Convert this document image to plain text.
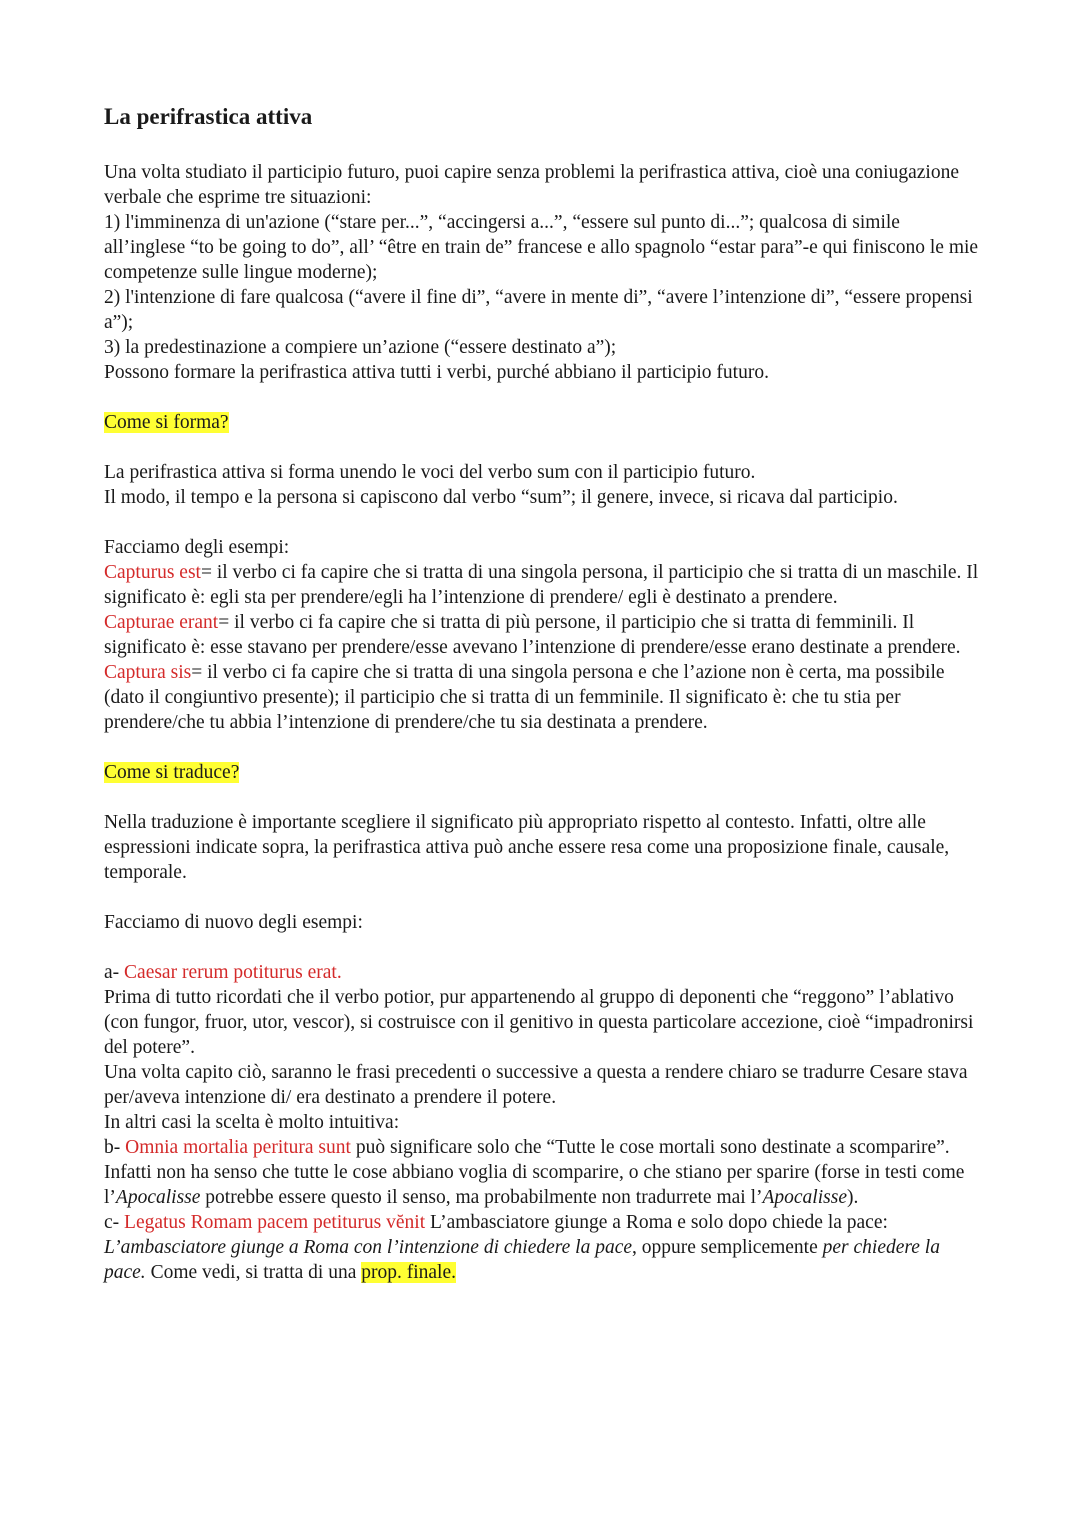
La perifrastica attiva

Una volta studiato il participio futuro, puoi capire senza problemi la perifrastica attiva, cioè una coniugazione verbale che esprime tre situazioni:

1) l'imminenza di un'azione (“stare per...”, “accingersi a...”, “essere sul punto di...”; qualcosa di simile all’inglese “to be going to do”, all’ “être en train de” francese e allo spagnolo “estar para”-e qui finiscono le mie competenze sulle lingue moderne);

2) l'intenzione di fare qualcosa (“avere il fine di”, “avere in mente di”, “avere l’intenzione di”, “essere propensi a”);

3) la predestinazione a compiere un’azione (“essere destinato a”);

Possono formare la perifrastica attiva tutti i verbi, purché abbiano il participio futuro.

Come si forma?

La perifrastica attiva si forma unendo le voci del verbo sum con il participio futuro.

Il modo, il tempo e la persona si capiscono dal verbo “sum”; il genere, invece, si ricava dal participio.

Facciamo degli esempi:

Capturus est= il verbo ci fa capire che si tratta di una singola persona, il participio che si tratta di un maschile. Il significato è: egli sta per prendere/egli ha l’intenzione di prendere/ egli è destinato a prendere.

Capturae erant= il verbo ci fa capire che si tratta di più persone, il participio che si tratta di femminili. Il significato è: esse stavano per prendere/esse avevano l’intenzione di prendere/esse erano destinate a prendere.

Captura sis= il verbo ci fa capire che si tratta di una singola persona e che l’azione non è certa, ma possibile (dato il congiuntivo presente); il participio che si tratta di un femminile. Il significato è: che tu stia per prendere/che tu abbia l’intenzione di prendere/che tu sia destinata a prendere.

Come si traduce?

Nella traduzione è importante scegliere il significato più appropriato rispetto al contesto. Infatti, oltre alle espressioni indicate sopra, la perifrastica attiva può anche essere resa come una proposizione finale, causale, temporale.

Facciamo di nuovo degli esempi:

a- Caesar rerum potiturus erat.

Prima di tutto ricordati che il verbo potior, pur appartenendo al gruppo di deponenti che “reggono” l’ablativo (con fungor, fruor, utor, vescor), si costruisce con il genitivo in questa particolare accezione, cioè “impadronirsi del potere”.

Una volta capito ciò, saranno le frasi precedenti o successive a questa a rendere chiaro se tradurre Cesare stava per/aveva intenzione di/ era destinato a prendere il potere.

In altri casi la scelta è molto intuitiva:

b- Omnia mortalia peritura sunt può significare solo che “Tutte le cose mortali sono destinate a scomparire”. Infatti non ha senso che tutte le cose abbiano voglia di scomparire, o che stiano per sparire (forse in testi come l’Apocalisse potrebbe essere questo il senso, ma probabilmente non tradurrete mai l’Apocalisse).

c- Legatus Romam pacem petiturus vĕnit L’ambasciatore giunge a Roma e solo dopo chiede la pace: L’ambasciatore giunge a Roma con l’intenzione di chiedere la pace, oppure semplicemente per chiedere la pace. Come vedi, si tratta di una prop. finale.
